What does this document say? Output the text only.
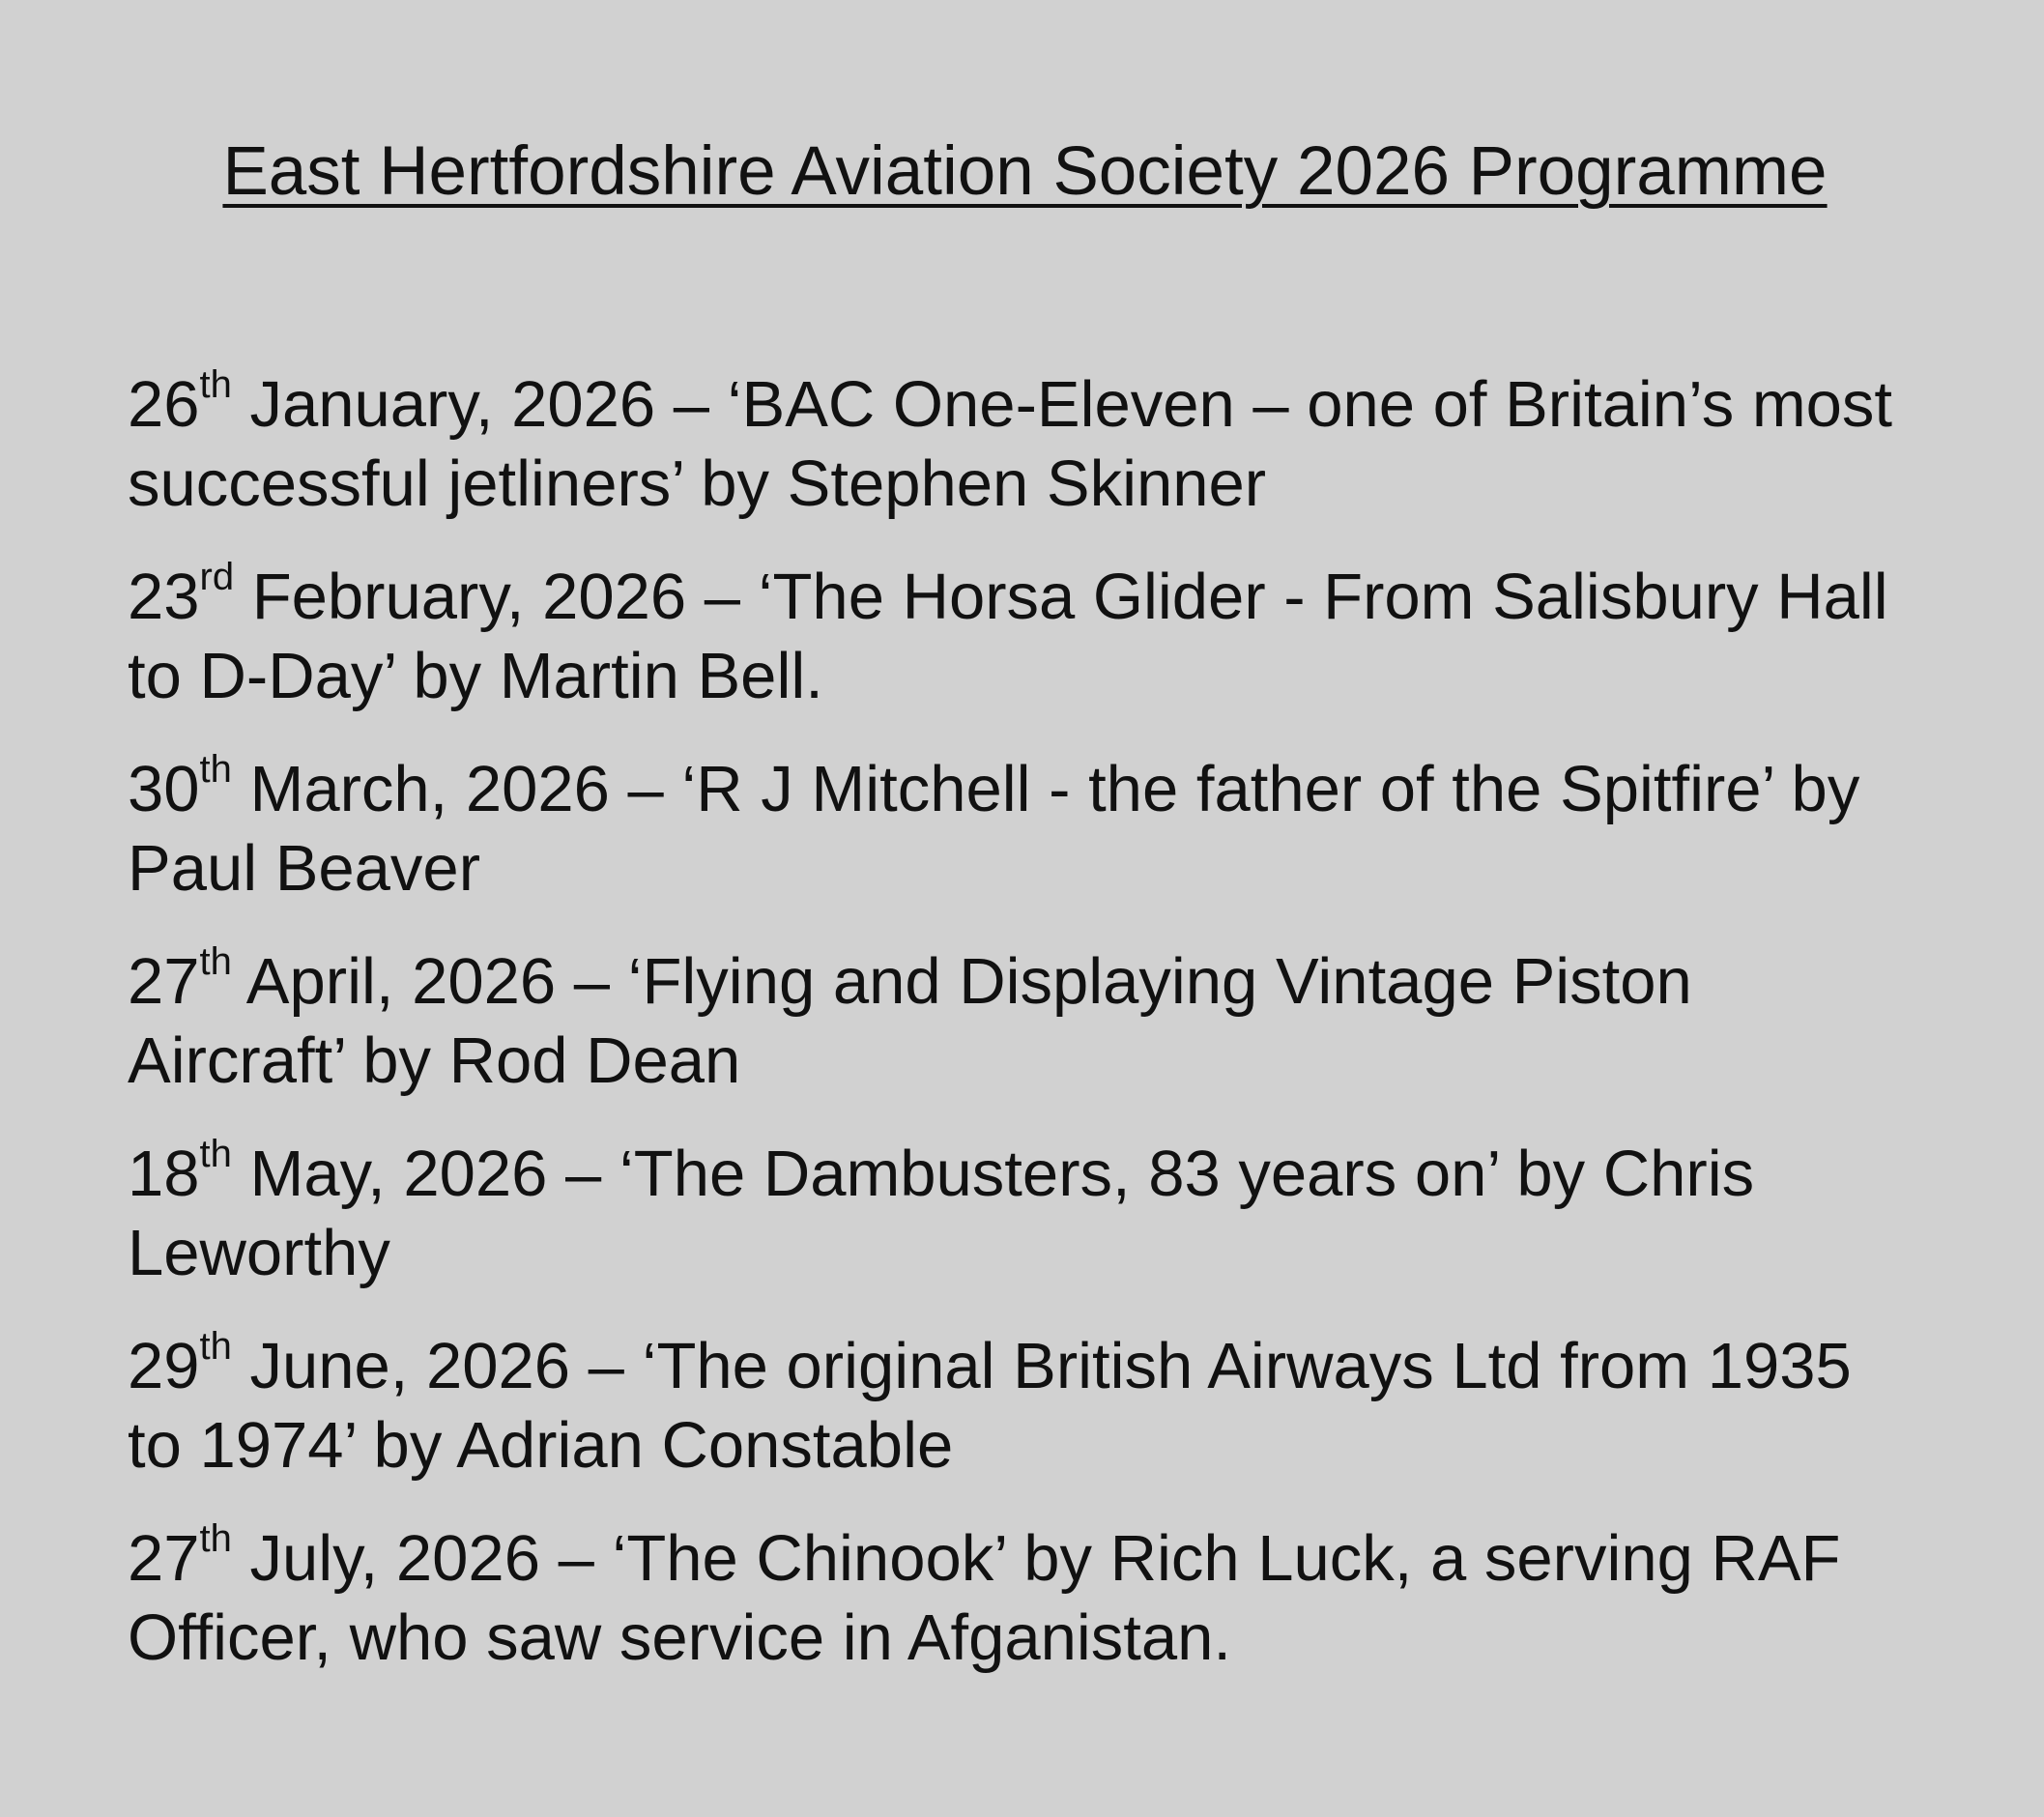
East Hertfordshire Aviation Society 2026 Programme
26th January, 2026 – ‘BAC One-Eleven – one of Britain’s most successful jetliners’ by Stephen Skinner
23rd February, 2026 – ‘The Horsa Glider - From Salisbury Hall to D-Day’ by Martin Bell.
30th March, 2026 – ‘R J Mitchell - the father of the Spitfire’ by Paul Beaver
27th April, 2026 – ‘Flying and Displaying Vintage Piston Aircraft’ by Rod Dean
18th May, 2026 – ‘The Dambusters, 83 years on’ by Chris Leworthy
29th June, 2026 – ‘The original British Airways Ltd from 1935 to 1974’ by Adrian Constable
27th July, 2026 – ‘The Chinook’ by Rich Luck, a serving RAF Officer, who saw service in Afganistan.
